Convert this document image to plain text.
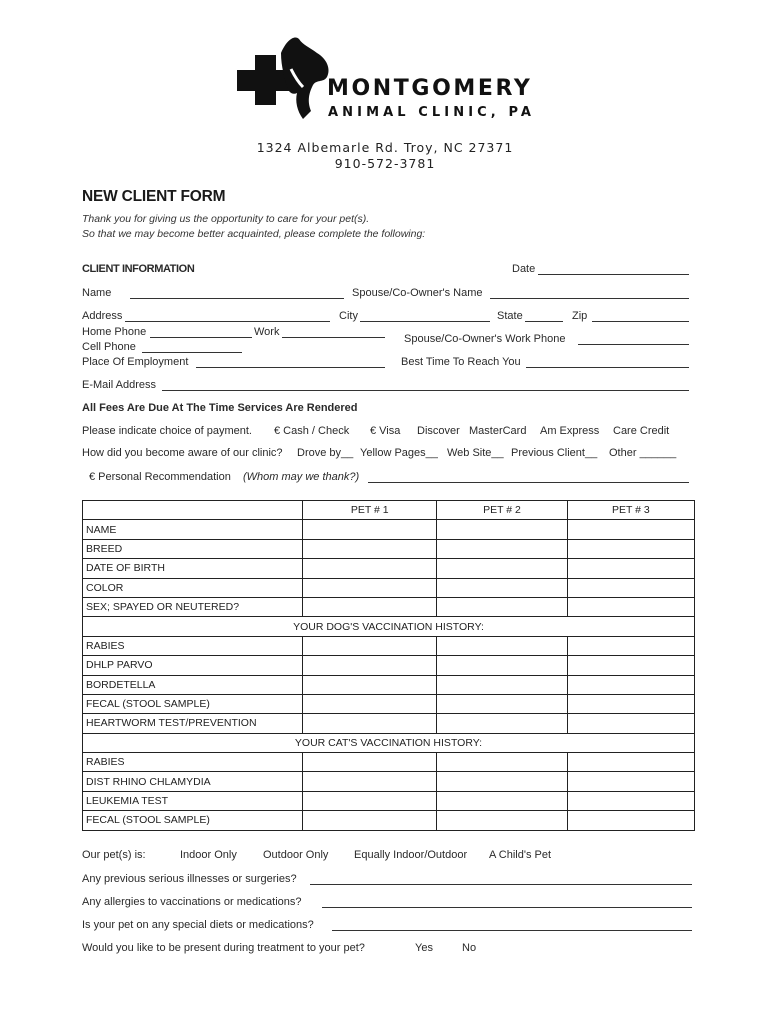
MONTGOMERY
ANIMAL CLINIC, PA
1324 Albemarle Rd. Troy, NC 27371
910-572-3781
NEW CLIENT FORM
Thank you for giving us the opportunity to care for your pet(s).
So that we may become better acquainted, please complete the following:
CLIENT INFORMATION	Date
Name	Spouse/Co-Owner's Name
Address	City	State	Zip
Home Phone	Work
Spouse/Co-Owner's Work Phone
Cell Phone
Place Of Employment	Best Time To Reach You
E-Mail Address
All Fees Are Due At The Time Services Are Rendered
Please indicate choice of payment. € Cash / Check € Visa Discover MasterCard Am Express Care Credit
How did you become aware of our clinic? Drove by__ Yellow Pages__ Web Site__ Previous Client__ Other ______
€ Personal Recommendation (Whom may we thank?)
	PET # 1	PET # 2	PET # 3
NAME			
BREED			
DATE OF BIRTH			
COLOR			
SEX; SPAYED OR NEUTERED?			
YOUR DOG'S VACCINATION HISTORY:			
RABIES			
DHLP PARVO			
BORDETELLA			
FECAL (STOOL SAMPLE)			
HEARTWORM TEST/PREVENTION			
YOUR CAT'S VACCINATION HISTORY:			
RABIES			
DIST RHINO CHLAMYDIA			
LEUKEMIA TEST			
FECAL (STOOL SAMPLE)			
Our pet(s) is:	Indoor Only Outdoor Only Equally Indoor/Outdoor A Child's Pet
Any previous serious illnesses or surgeries?
Any allergies to vaccinations or medications?
Is your pet on any special diets or medications?
Would you like to be present during treatment to your pet?	Yes	No
